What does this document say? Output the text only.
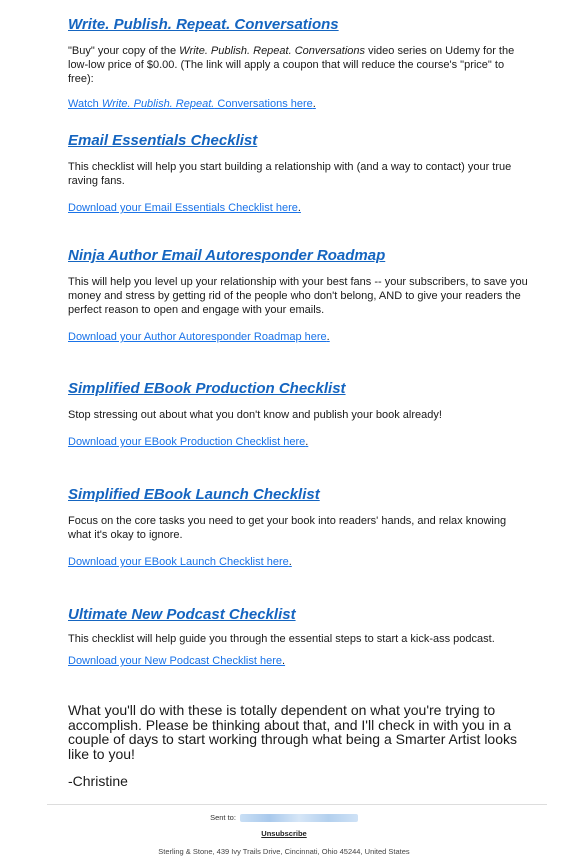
Write. Publish. Repeat. Conversations

"Buy" your copy of the Write. Publish. Repeat. Conversations video series on Udemy for the low-low price of $0.00. (The link will apply a coupon that will reduce the course's "price" to free):

Watch Write. Publish. Repeat. Conversations here.
Email Essentials Checklist

This checklist will help you start building a relationship with (and a way to contact) your true raving fans.

Download your Email Essentials Checklist here.
Ninja Author Email Autoresponder Roadmap

This will help you level up your relationship with your best fans -- your subscribers, to save you money and stress by getting rid of the people who don't belong, AND to give your readers the perfect reason to open and engage with your emails.

Download your Author Autoresponder Roadmap here.
Simplified EBook Production Checklist

Stop stressing out about what you don't know and publish your book already!

Download your EBook Production Checklist here.
Simplified EBook Launch Checklist

Focus on the core tasks you need to get your book into readers' hands, and relax knowing what it's okay to ignore.

Download your EBook Launch Checklist here.
Ultimate New Podcast Checklist

This checklist will help guide you through the essential steps to start a kick-ass podcast.

Download your New Podcast Checklist here.

What you'll do with these is totally dependent on what you're trying to accomplish. Please be thinking about that, and I'll check in with you in a couple of days to start working through what being a Smarter Artist looks like to you!

-Christine

Sent to:
Unsubscribe
Sterling & Stone, 439 Ivy Trails Drive, Cincinnati, Ohio 45244, United States
